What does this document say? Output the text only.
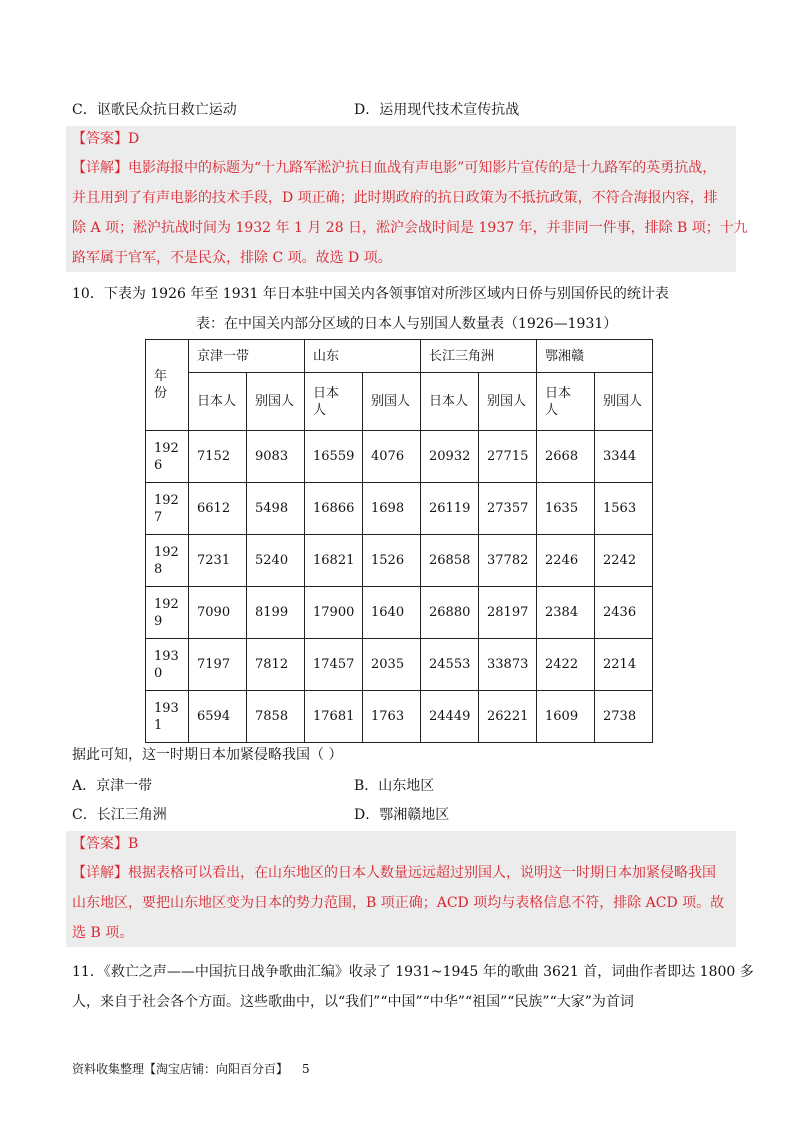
C．讴歌民众抗日救亡运动	D．运用现代技术宣传抗战
【答案】D
【详解】电影海报中的标题为“十九路军淞沪抗日血战有声电影”可知影片宣传的是十九路军的英勇抗战，
并且用到了有声电影的技术手段，D 项正确；此时期政府的抗日政策为不抵抗政策，不符合海报内容，排
除 A 项；淞沪抗战时间为 1932 年 1 月 28 日，淞沪会战时间是 1937 年，并非同一件事，排除 B 项；十九
路军属于官军，不是民众，排除 C 项。故选 D 项。
10．下表为 1926 年至 1931 年日本驻中国关内各领事馆对所涉区域内日侨与别国侨民的统计表
表：在中国关内部分区域的日本人与别国人数量表（1926—1931）
年
份	京津一带		山东		长江三角洲		鄂湘赣	
	日本人	别国人	日本人	别国人	日本人	别国人	日本人	别国人
192
6	7152	9083	16559	4076	20932	27715	2668	3344
192
7	6612	5498	16866	1698	26119	27357	1635	1563
192
8	7231	5240	16821	1526	26858	37782	2246	2242
192
9	7090	8199	17900	1640	26880	28197	2384	2436
193
0	7197	7812	17457	2035	24553	33873	2422	2214
193
1	6594	7858	17681	1763	24449	26221	1609	2738
据此可知，这一时期日本加紧侵略我国（ ）
A．京津一带	B．山东地区
C．长江三角洲	D．鄂湘赣地区
【答案】B
【详解】根据表格可以看出，在山东地区的日本人数量远远超过别国人，说明这一时期日本加紧侵略我国
山东地区，要把山东地区变为日本的势力范围，B 项正确；ACD 项均与表格信息不符，排除 ACD 项。故
选 B 项。
11．《救亡之声——中国抗日战争歌曲汇编》收录了 1931~1945 年的歌曲 3621 首，词曲作者即达 1800 多
人，来自于社会各个方面。这些歌曲中，以“我们”“中国”“中华”“祖国”“民族”“大家”为首词
资料收集整理【淘宝店铺：向阳百分百】 5
